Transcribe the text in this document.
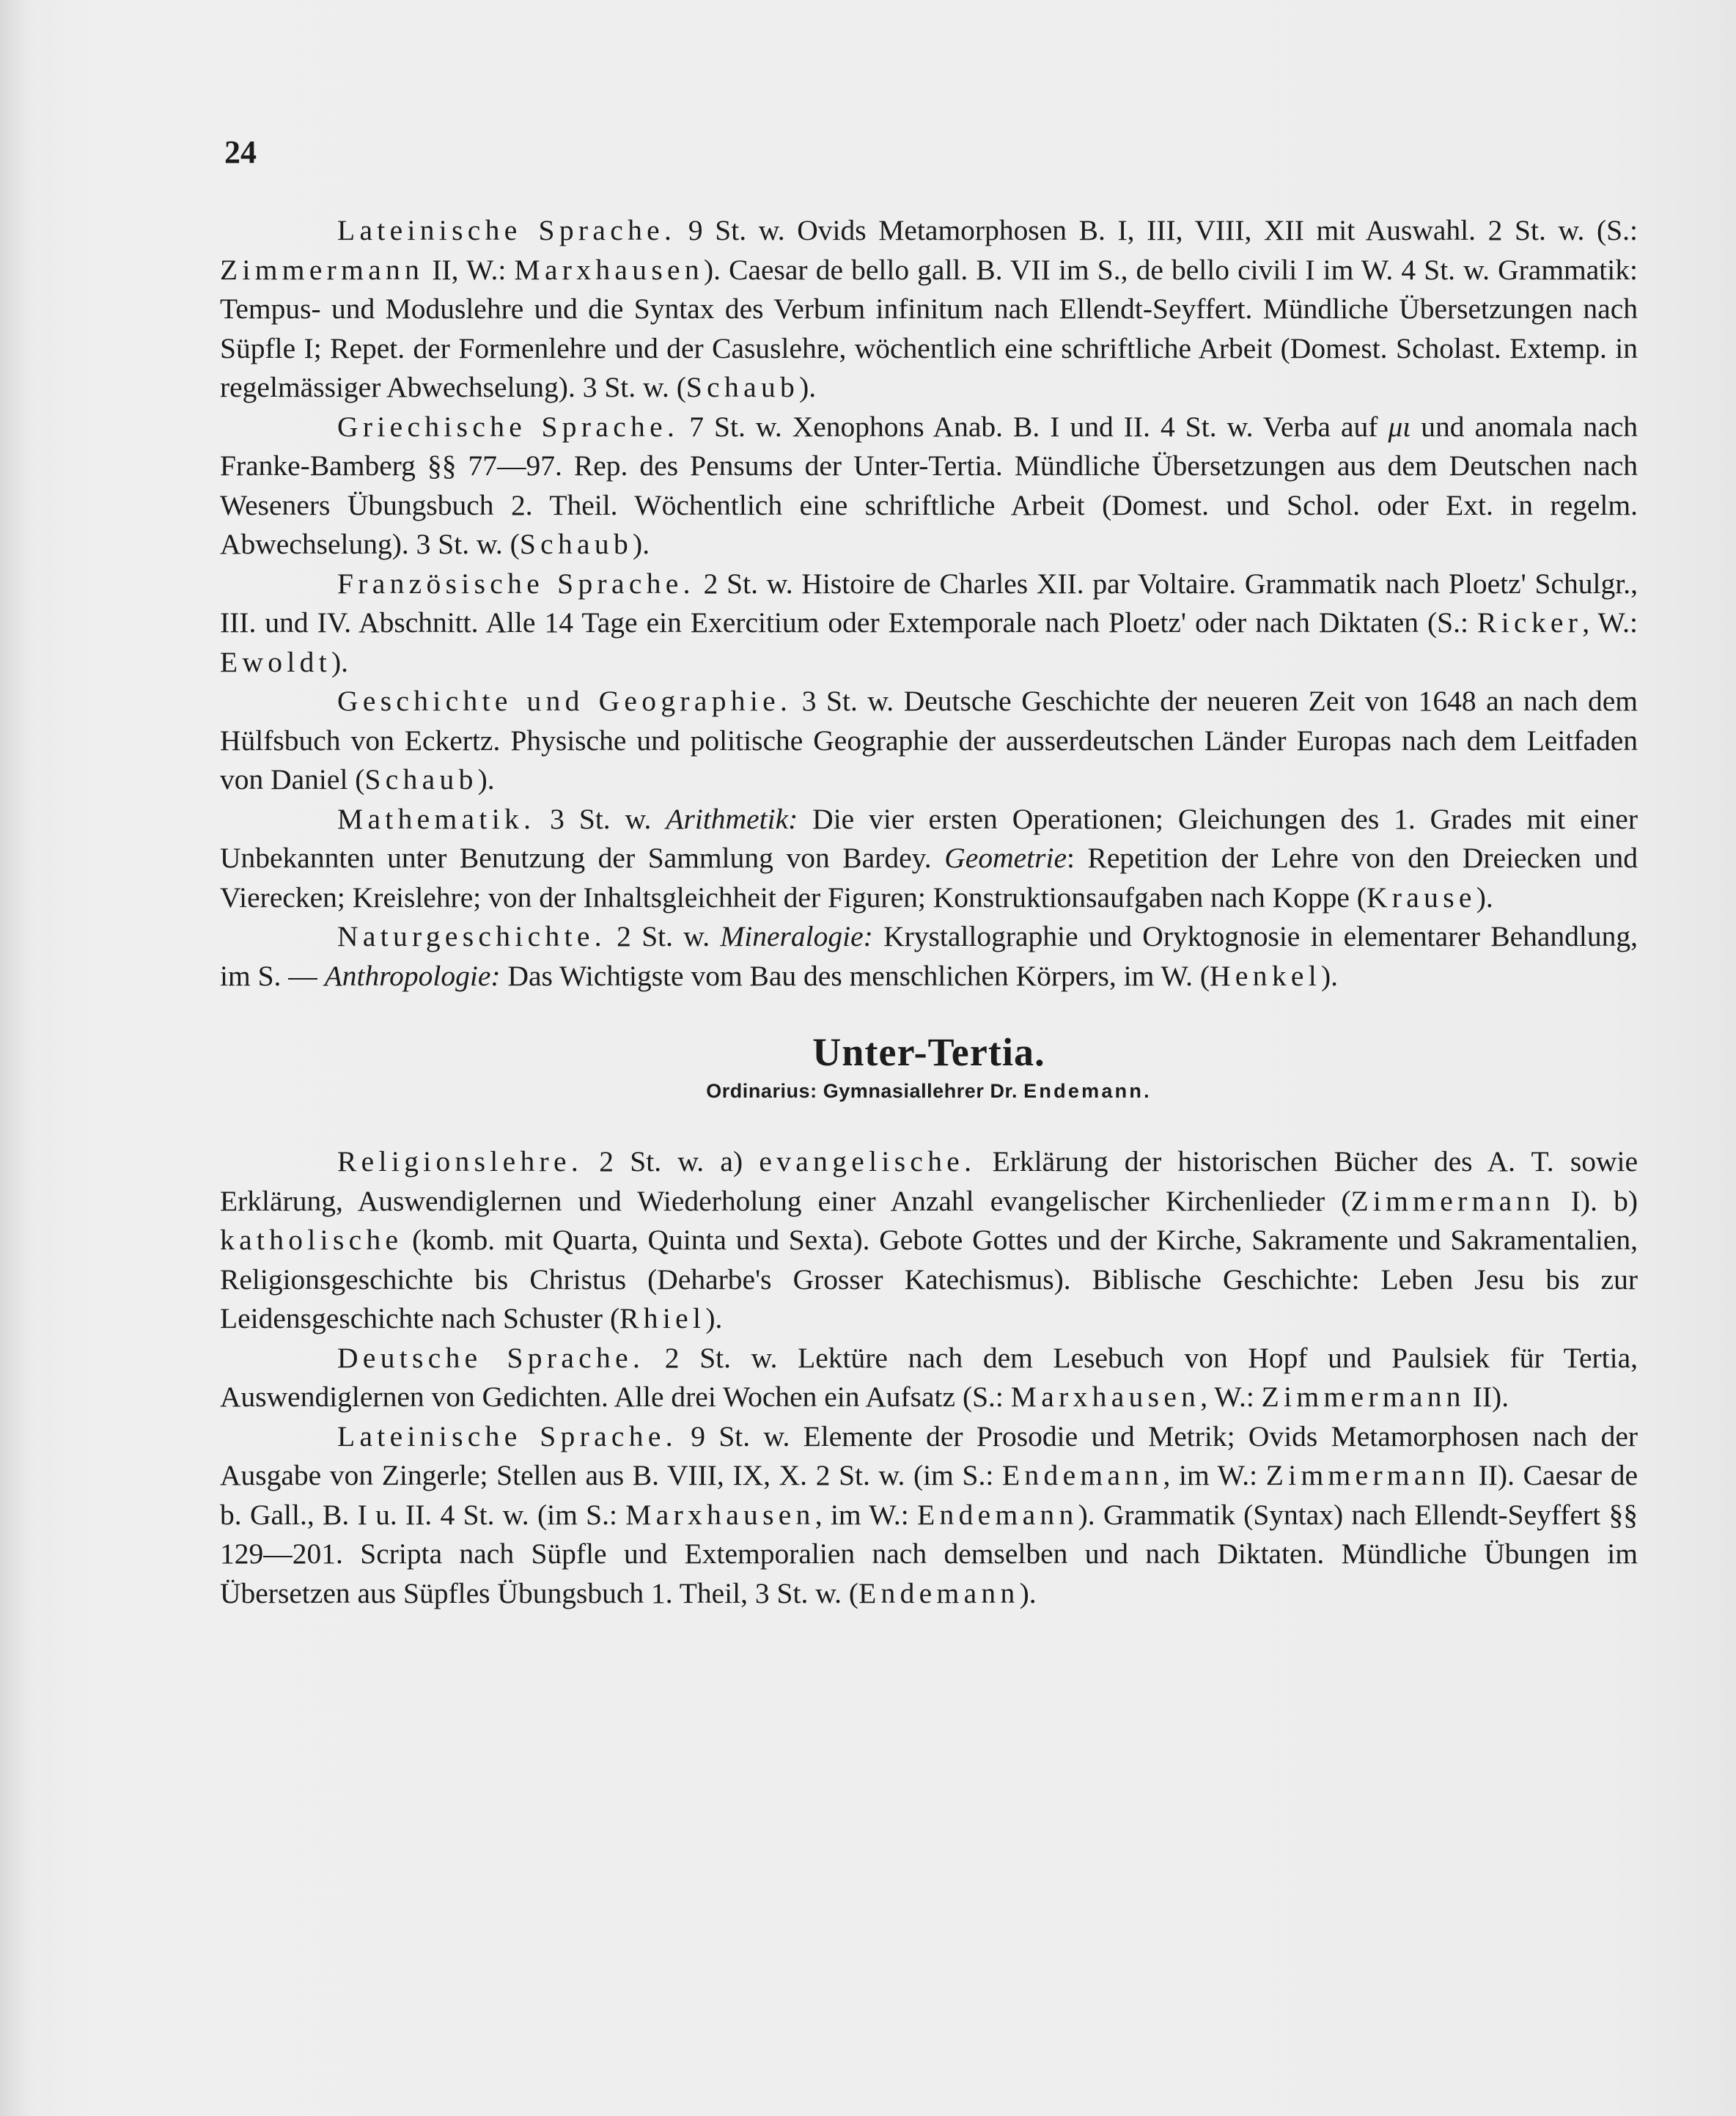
24

Lateinische Sprache. 9 St. w. Ovids Metamorphosen B. I, III, VIII, XII mit Auswahl. 2 St. w. (S.: Zimmermann II, W.: Marxhausen). Caesar de bello gall. B. VII im S., de bello civili I im W. 4 St. w. Grammatik: Tempus- und Moduslehre und die Syntax des Verbum infinitum nach Ellendt-Seyffert. Mündliche Übersetzungen nach Süpfle I; Repet. der Formenlehre und der Casuslehre, wöchentlich eine schriftliche Arbeit (Domest. Scholast. Extemp. in regelmässiger Abwechselung). 3 St. w. (Schaub).

Griechische Sprache. 7 St. w. Xenophons Anab. B. I und II. 4 St. w. Verba auf μι und anomala nach Franke-Bamberg §§ 77—97. Rep. des Pensums der Unter-Tertia. Mündliche Übersetzungen aus dem Deutschen nach Weseners Übungsbuch 2. Theil. Wöchentlich eine schriftliche Arbeit (Domest. und Schol. oder Ext. in regelm. Abwechselung). 3 St. w. (Schaub).

Französische Sprache. 2 St. w. Histoire de Charles XII. par Voltaire. Grammatik nach Ploetz' Schulgr., III. und IV. Abschnitt. Alle 14 Tage ein Exercitium oder Extemporale nach Ploetz' oder nach Diktaten (S.: Ricker, W.: Ewoldt).

Geschichte und Geographie. 3 St. w. Deutsche Geschichte der neueren Zeit von 1648 an nach dem Hülfsbuch von Eckertz. Physische und politische Geographie der ausserdeutschen Länder Europas nach dem Leitfaden von Daniel (Schaub).

Mathematik. 3 St. w. Arithmetik: Die vier ersten Operationen; Gleichungen des 1. Grades mit einer Unbekannten unter Benutzung der Sammlung von Bardey. Geometrie: Repetition der Lehre von den Dreiecken und Vierecken; Kreislehre; von der Inhaltsgleichheit der Figuren; Konstruktionsaufgaben nach Koppe (Krause).

Naturgeschichte. 2 St. w. Mineralogie: Krystallographie und Oryktognosie in elementarer Behandlung, im S. — Anthropologie: Das Wichtigste vom Bau des menschlichen Körpers, im W. (Henkel).

Unter-Tertia.
Ordinarius: Gymnasiallehrer Dr. Endemann.

Religionslehre. 2 St. w. a) evangelische. Erklärung der historischen Bücher des A. T. sowie Erklärung, Auswendiglernen und Wiederholung einer Anzahl evangelischer Kirchenlieder (Zimmermann I). b) katholische (komb. mit Quarta, Quinta und Sexta). Gebote Gottes und der Kirche, Sakramente und Sakramentalien, Religionsgeschichte bis Christus (Deharbe's Grosser Katechismus). Biblische Geschichte: Leben Jesu bis zur Leidensgeschichte nach Schuster (Rhiel).

Deutsche Sprache. 2 St. w. Lektüre nach dem Lesebuch von Hopf und Paulsiek für Tertia, Auswendiglernen von Gedichten. Alle drei Wochen ein Aufsatz (S.: Marxhausen, W.: Zimmermann II).

Lateinische Sprache. 9 St. w. Elemente der Prosodie und Metrik; Ovids Metamorphosen nach der Ausgabe von Zingerle; Stellen aus B. VIII, IX, X. 2 St. w. (im S.: Endemann, im W.: Zimmermann II). Caesar de b. Gall., B. I u. II. 4 St. w. (im S.: Marxhausen, im W.: Endemann). Grammatik (Syntax) nach Ellendt-Seyffert §§ 129—201. Scripta nach Süpfle und Extemporalien nach demselben und nach Diktaten. Mündliche Übungen im Übersetzen aus Süpfles Übungsbuch 1. Theil, 3 St. w. (Endemann).
